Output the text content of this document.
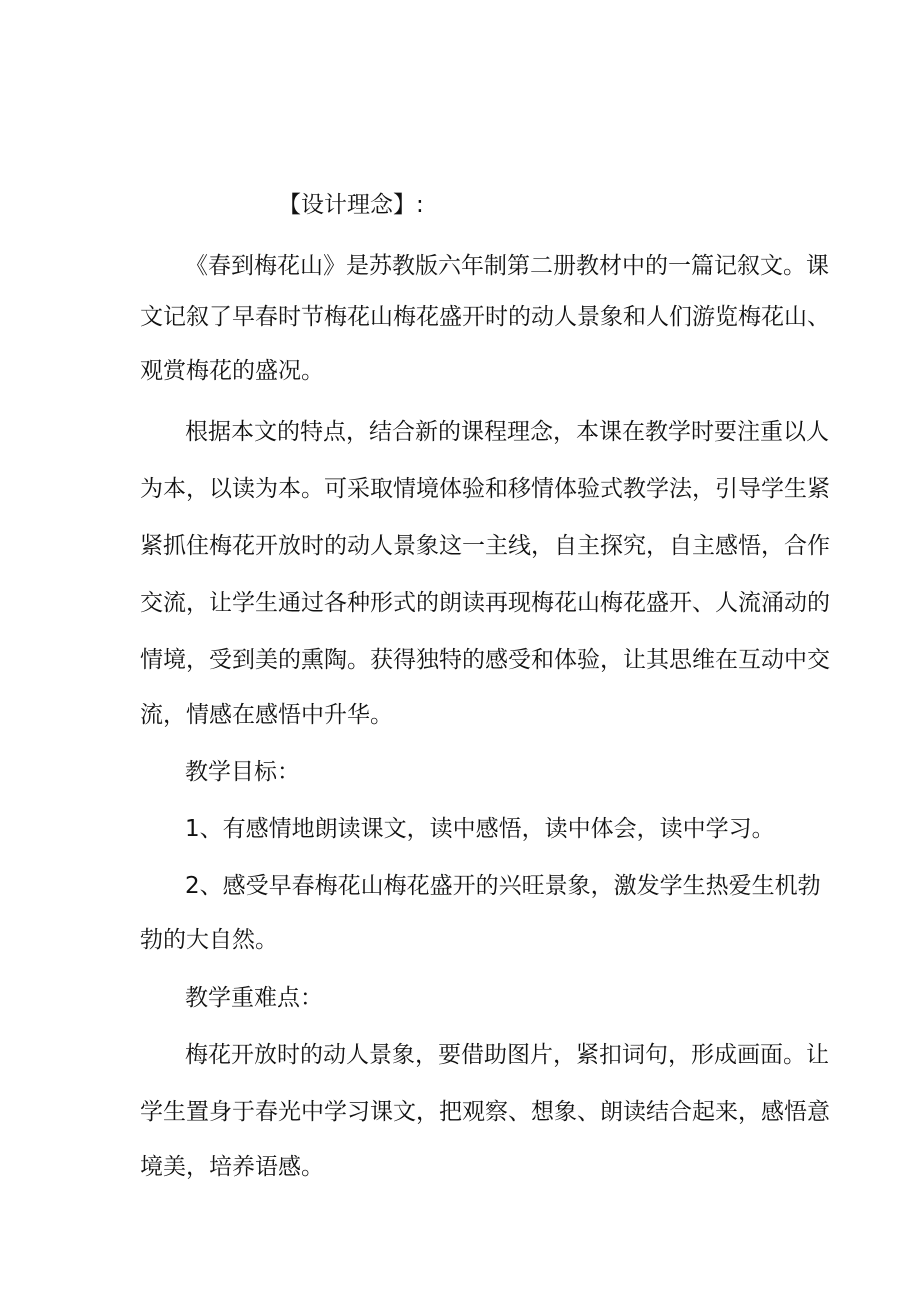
【设计理念】:
《春到梅花山》是苏教版六年制第二册教材中的一篇记叙文。课
文记叙了早春时节梅花山梅花盛开时的动人景象和人们游览梅花山、
观赏梅花的盛况。
根据本文的特点，结合新的课程理念，本课在教学时要注重以人
为本，以读为本。可采取情境体验和移情体验式教学法，引导学生紧
紧抓住梅花开放时的动人景象这一主线，自主探究，自主感悟，合作
交流，让学生通过各种形式的朗读再现梅花山梅花盛开、人流涌动的
情境，受到美的熏陶。获得独特的感受和体验，让其思维在互动中交
流，情感在感悟中升华。
教学目标：
1、有感情地朗读课文，读中感悟，读中体会，读中学习。
2、感受早春梅花山梅花盛开的兴旺景象，激发学生热爱生机勃
勃的大自然。
教学重难点：
梅花开放时的动人景象，要借助图片，紧扣词句，形成画面。让
学生置身于春光中学习课文，把观察、想象、朗读结合起来，感悟意
境美，培养语感。
